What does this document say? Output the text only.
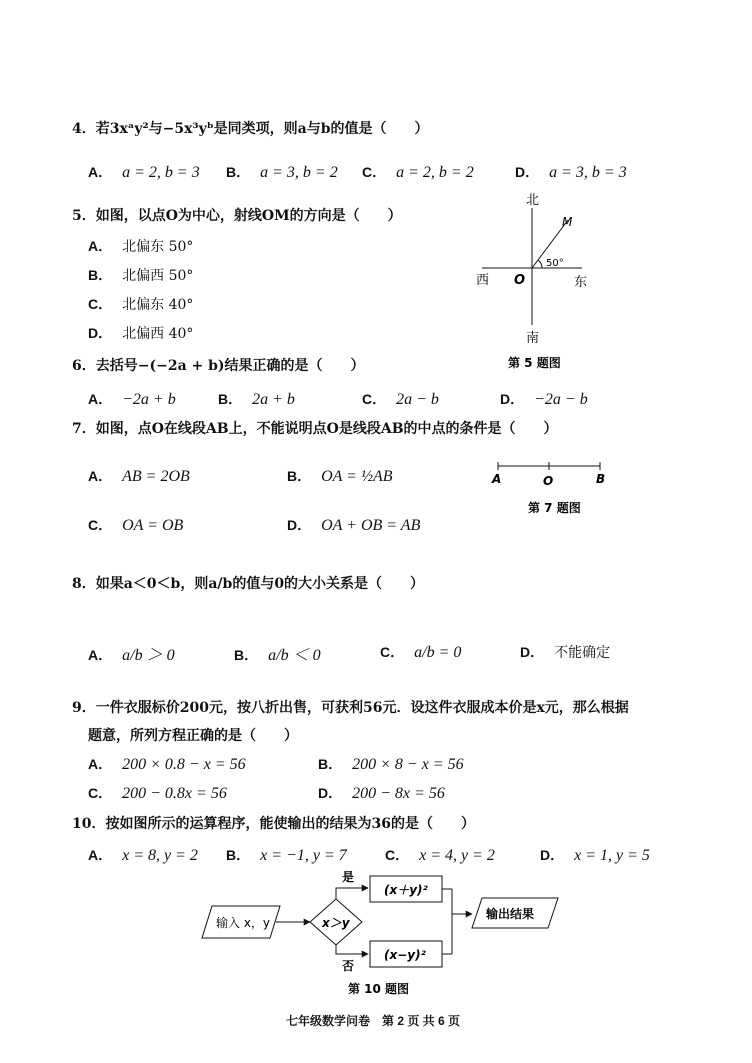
4．若3xᵃy²与−5x³yᵇ是同类项，则a与b的值是（　　）
A． a = 2, b = 3 B． a = 3, b = 2 C． a = 2, b = 2	D． a = 3, b = 3
5．如图，以点O为中心，射线OM的方向是（　　）
A． 北偏东 50°
B． 北偏西 50°
C． 北偏东 40°
D． 北偏西 40°
北
南
东
西 O
M
50°
第 5 题图
6．去括号−(−2a + b)结果正确的是（　　）
A． −2a + b	B． 2a + b	C． 2a − b	D． −2a − b
7．如图，点O在线段AB上，不能说明点O是线段AB的中点的条件是（　　）
A． AB = 2OB	B． OA = ½AB
C． OA = OB	D． OA + OB = AB
A	O	B
第 7 题图
8．如果a＜0＜b，则a/b的值与0的大小关系是（　　）
A． a/b ＞ 0	B． a/b ＜ 0	C． a/b = 0	D． 不能确定
9．一件衣服标价200元，按八折出售，可获利56元．设这件衣服成本价是x元，那么根据
题意，所列方程正确的是（　　）
A． 200 × 0.8 − x = 56	B． 200 × 8 − x = 56
C． 200 − 0.8x = 56	D． 200 − 8x = 56
10．按如图所示的运算程序，能使输出的结果为36的是（　　）
A． x = 8, y = 2 B． x = −1, y = 7	C． x = 4, y = 2	D． x = 1, y = 5
输入 x，y	x＞y
是
否
(x＋y)²
(x−y)²
输出结果
第 10 题图
七年级数学问卷　第 2 页 共 6 页
